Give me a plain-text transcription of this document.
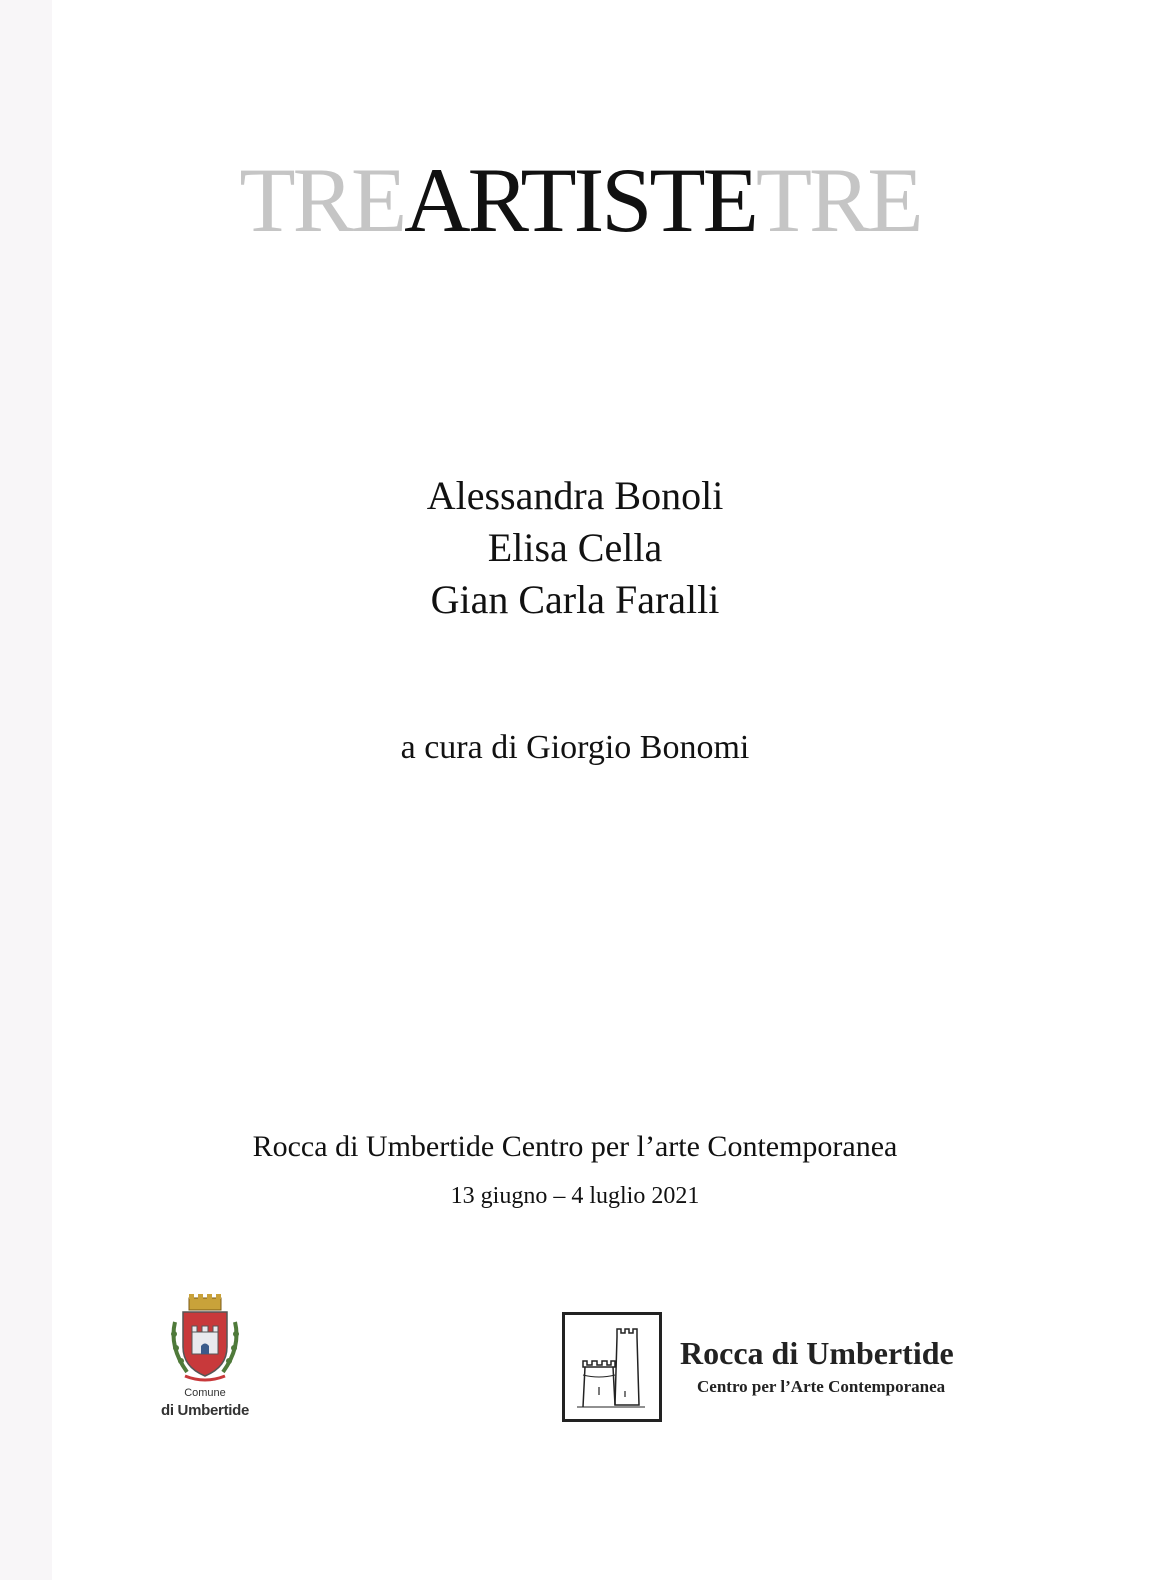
TREARTISTETRE
Alessandra Bonoli
Elisa Cella
Gian Carla Faralli
a cura di Giorgio Bonomi
Rocca di Umbertide Centro per l’arte Contemporanea
13 giugno – 4 luglio 2021
Comune
di Umbertide
Rocca di Umbertide
Centro per l’Arte Contemporanea
